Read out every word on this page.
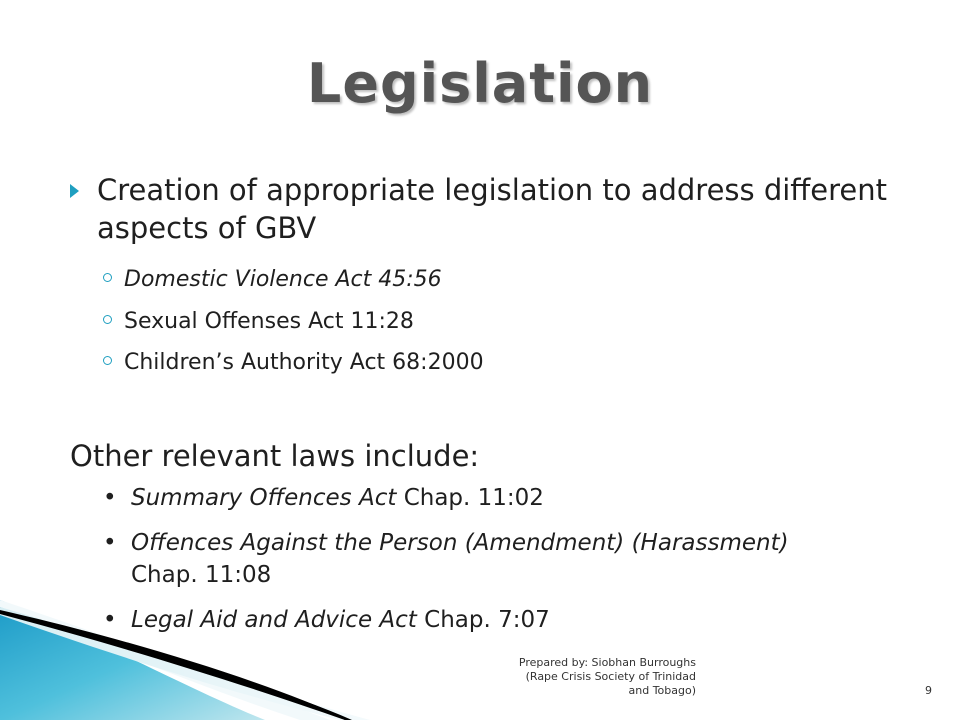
Legislation
Creation of appropriate legislation to address different aspects of GBV
Domestic Violence Act 45:56
Sexual Offenses Act 11:28
Children’s Authority Act 68:2000
Other relevant laws include:
• Summary Offences Act Chap. 11:02
• Offences Against the Person (Amendment) (Harassment) Chap. 11:08
• Legal Aid and Advice Act Chap. 7:07
Prepared by: Siobhan Burroughs
(Rape Crisis Society of Trinidad
and Tobago)	9
